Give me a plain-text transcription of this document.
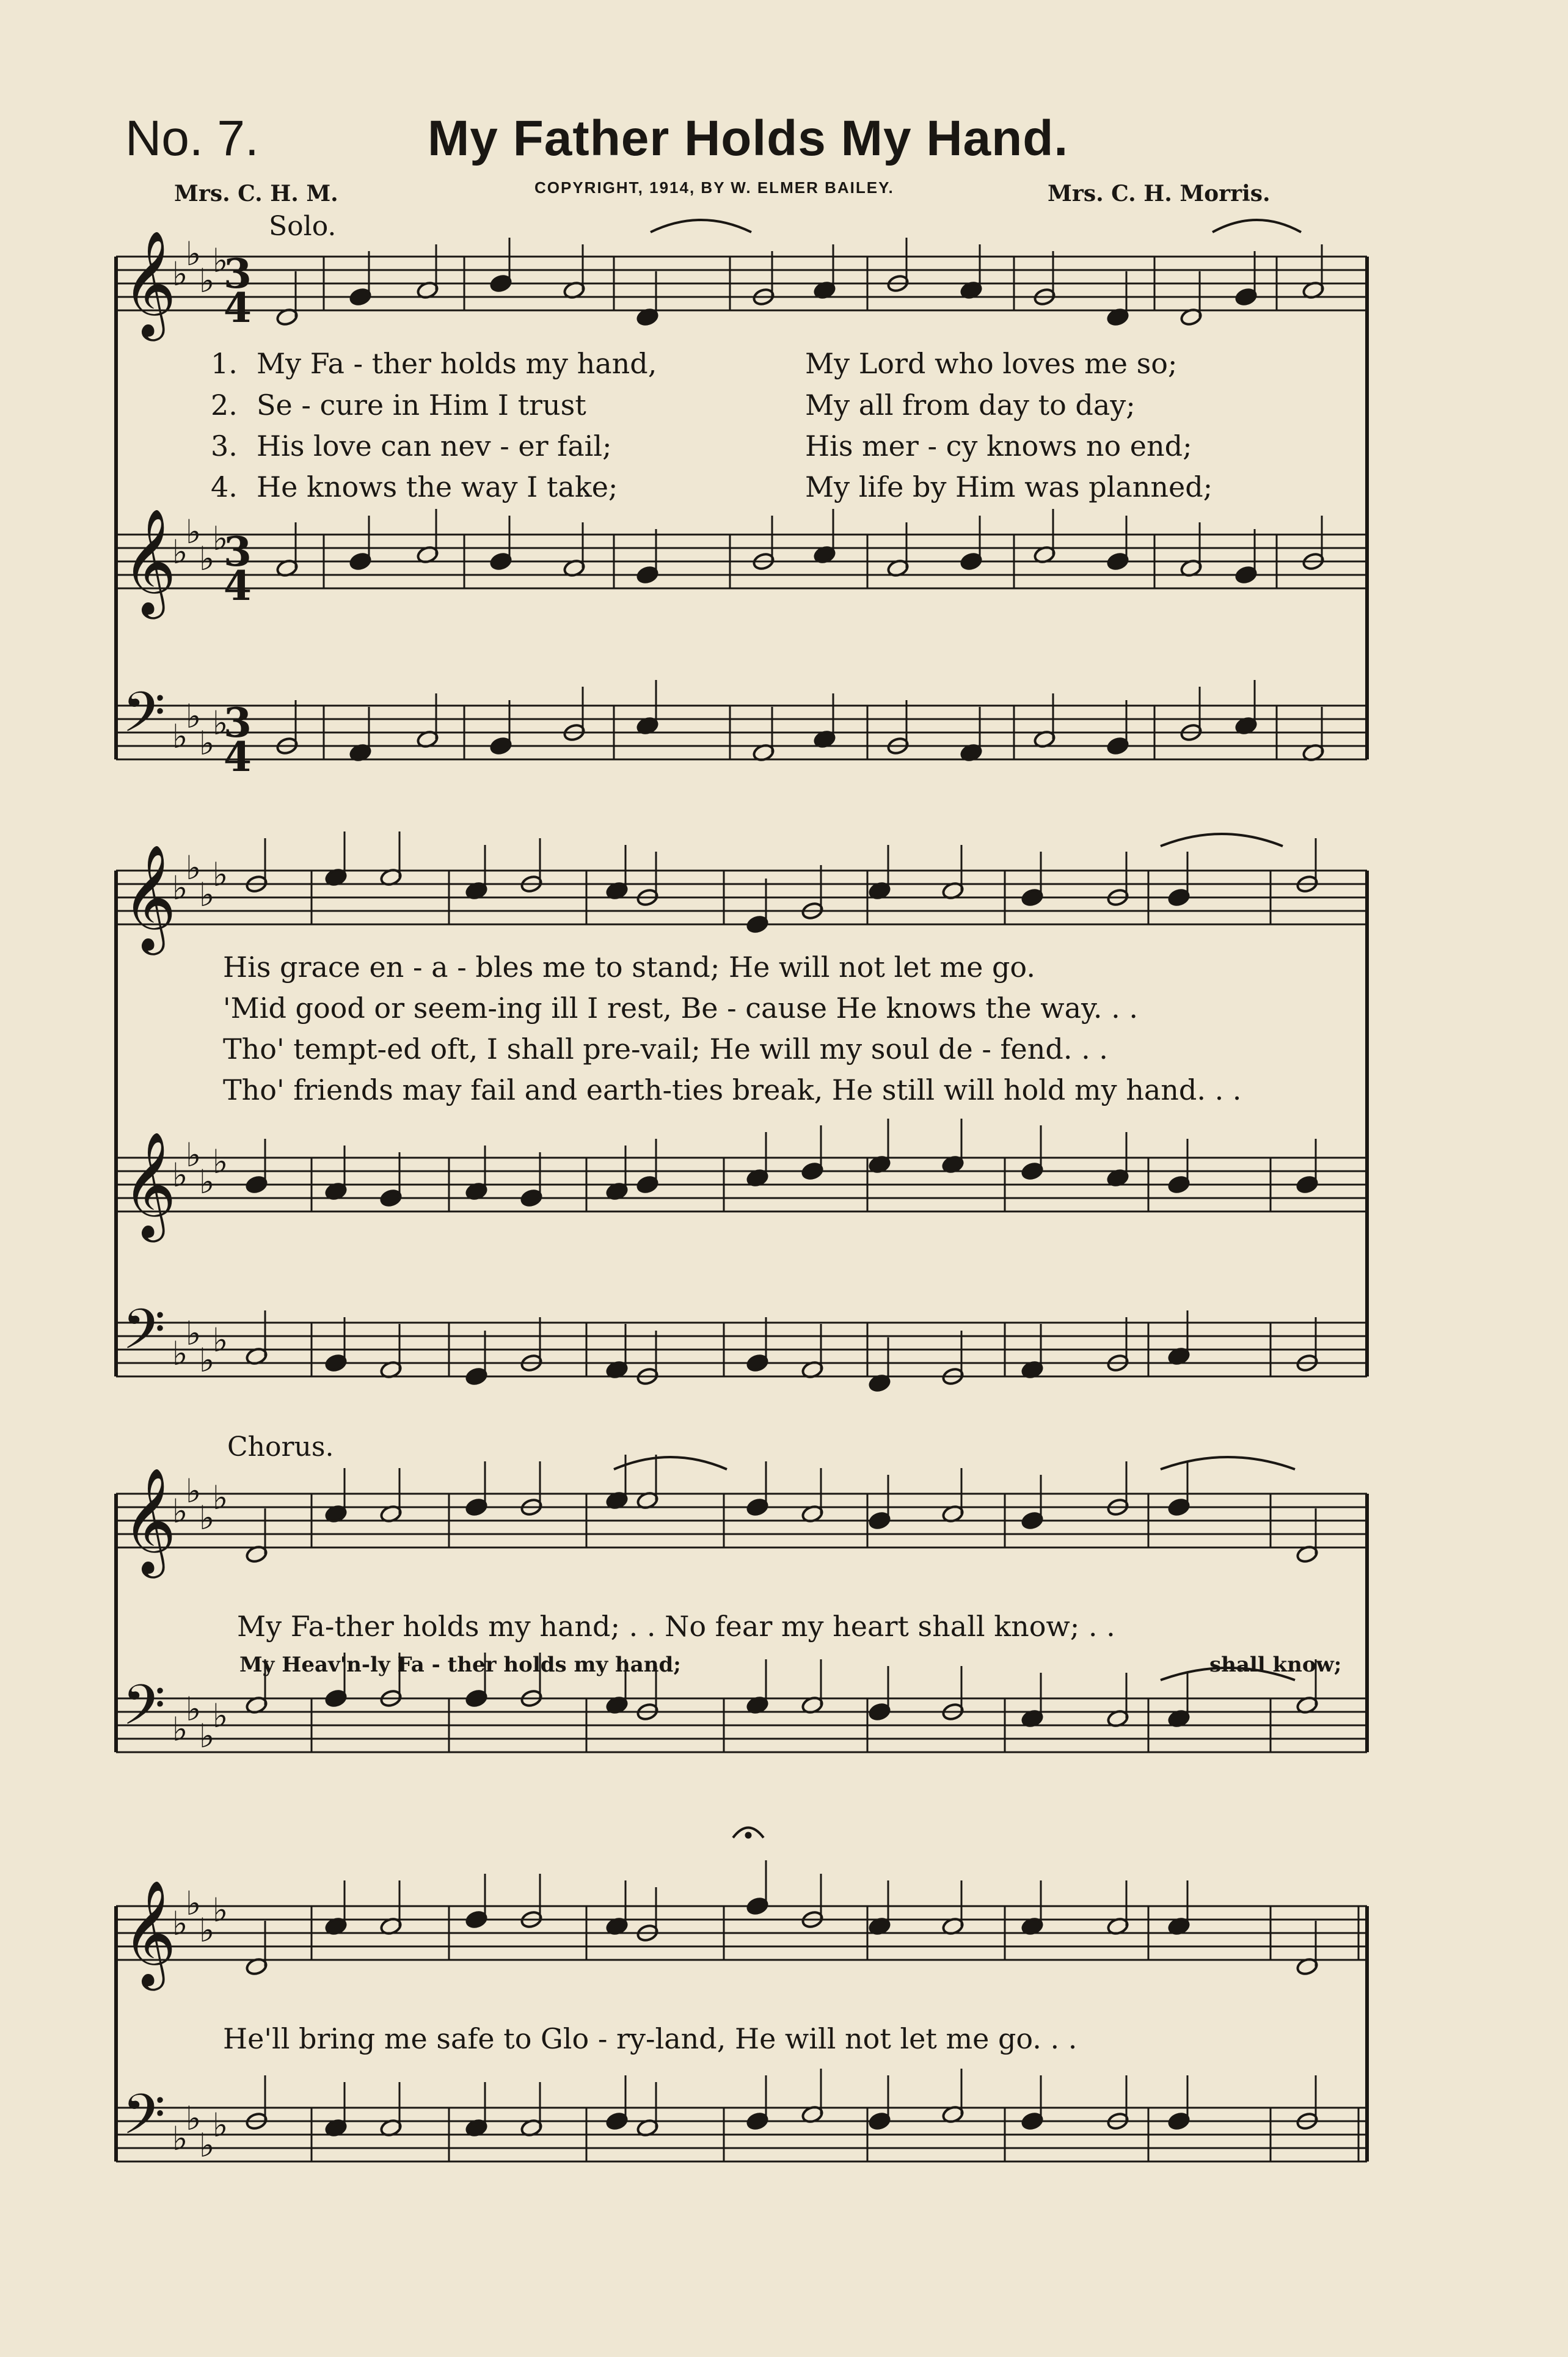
No. 7.	My Father Holds My Hand.
Mrs. C. H. M.	COPYRIGHT, 1914, BY W. ELMER BAILEY.	Mrs. C. H. Morris.
Solo.
Chorus.
𝄞
𝄞
𝄢
𝄞
𝄞
𝄢
𝄞
𝄢
𝄞
𝄢
♭
♭
♭
♭
♭
♭
♭
♭
♭
♭
♭
♭
♭
♭
♭
♭
♭
♭
♭
♭
♭
♭
♭
♭
♭
♭
♭
♭
♭
♭
♭
♭
♭
♭
♭
♭
♭
♭
♭
♭
3
4
3
4
3
4
1. My Fa - ther holds my hand,	My Lord who loves me so;
2. Se - cure in Him I trust	My all from day to day;
3. His love can nev - er fail;	His mer - cy knows no end;
4. He knows the way I take;	My life by Him was planned;
His grace en - a - bles me to stand; He will not let me go.
'Mid good or seem-ing ill I rest, Be - cause He knows the way. . .
Tho' tempt-ed oft, I shall pre-vail; He will my soul de - fend. . .
Tho' friends may fail and earth-ties break, He still will hold my hand. . .
My Fa-ther holds my hand; . . No fear my heart shall know; . .
My Heav'n-ly Fa - ther holds my hand;	shall know;
He'll bring me safe to Glo - ry-land, He will not let me go. . .
